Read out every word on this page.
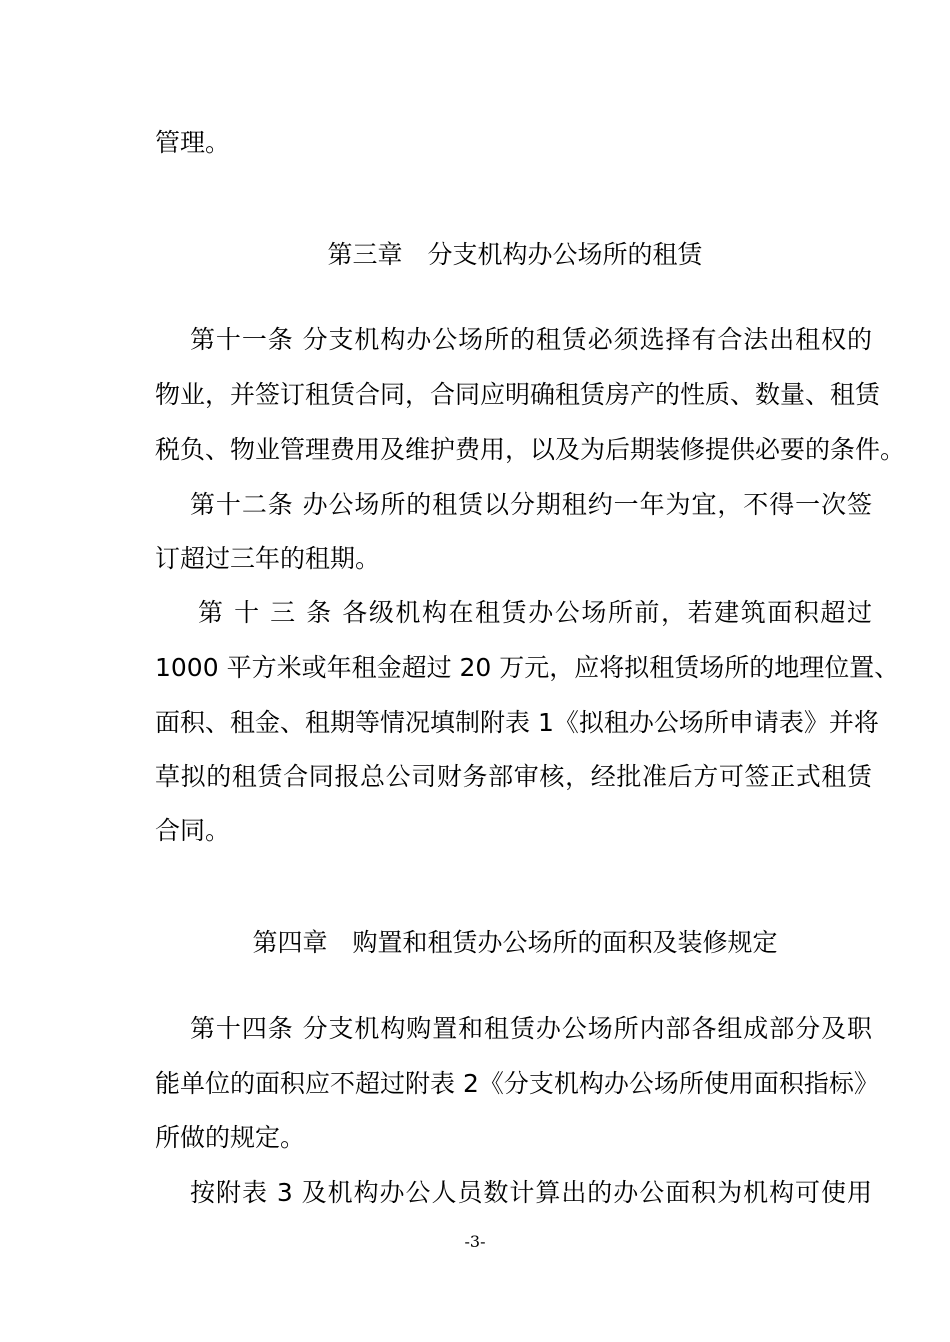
管理。
第三章　分支机构办公场所的租赁
第十一条 分支机构办公场所的租赁必须选择有合法出租权的
物业，并签订租赁合同，合同应明确租赁房产的性质、数量、租赁
税负、物业管理费用及维护费用，以及为后期装修提供必要的条件。
第十二条 办公场所的租赁以分期租约一年为宜，不得一次签
订超过三年的租期。
第 十 三 条 各级机构在租赁办公场所前，若建筑面积超过
1000 平方米或年租金超过 20 万元，应将拟租赁场所的地理位置、
面积、租金、租期等情况填制附表 1《拟租办公场所申请表》并将
草拟的租赁合同报总公司财务部审核，经批准后方可签正式租赁
合同。
第四章　购置和租赁办公场所的面积及装修规定
第十四条 分支机构购置和租赁办公场所内部各组成部分及职
能单位的面积应不超过附表 2《分支机构办公场所使用面积指标》
所做的规定。
按附表 3 及机构办公人员数计算出的办公面积为机构可使用
-3-
